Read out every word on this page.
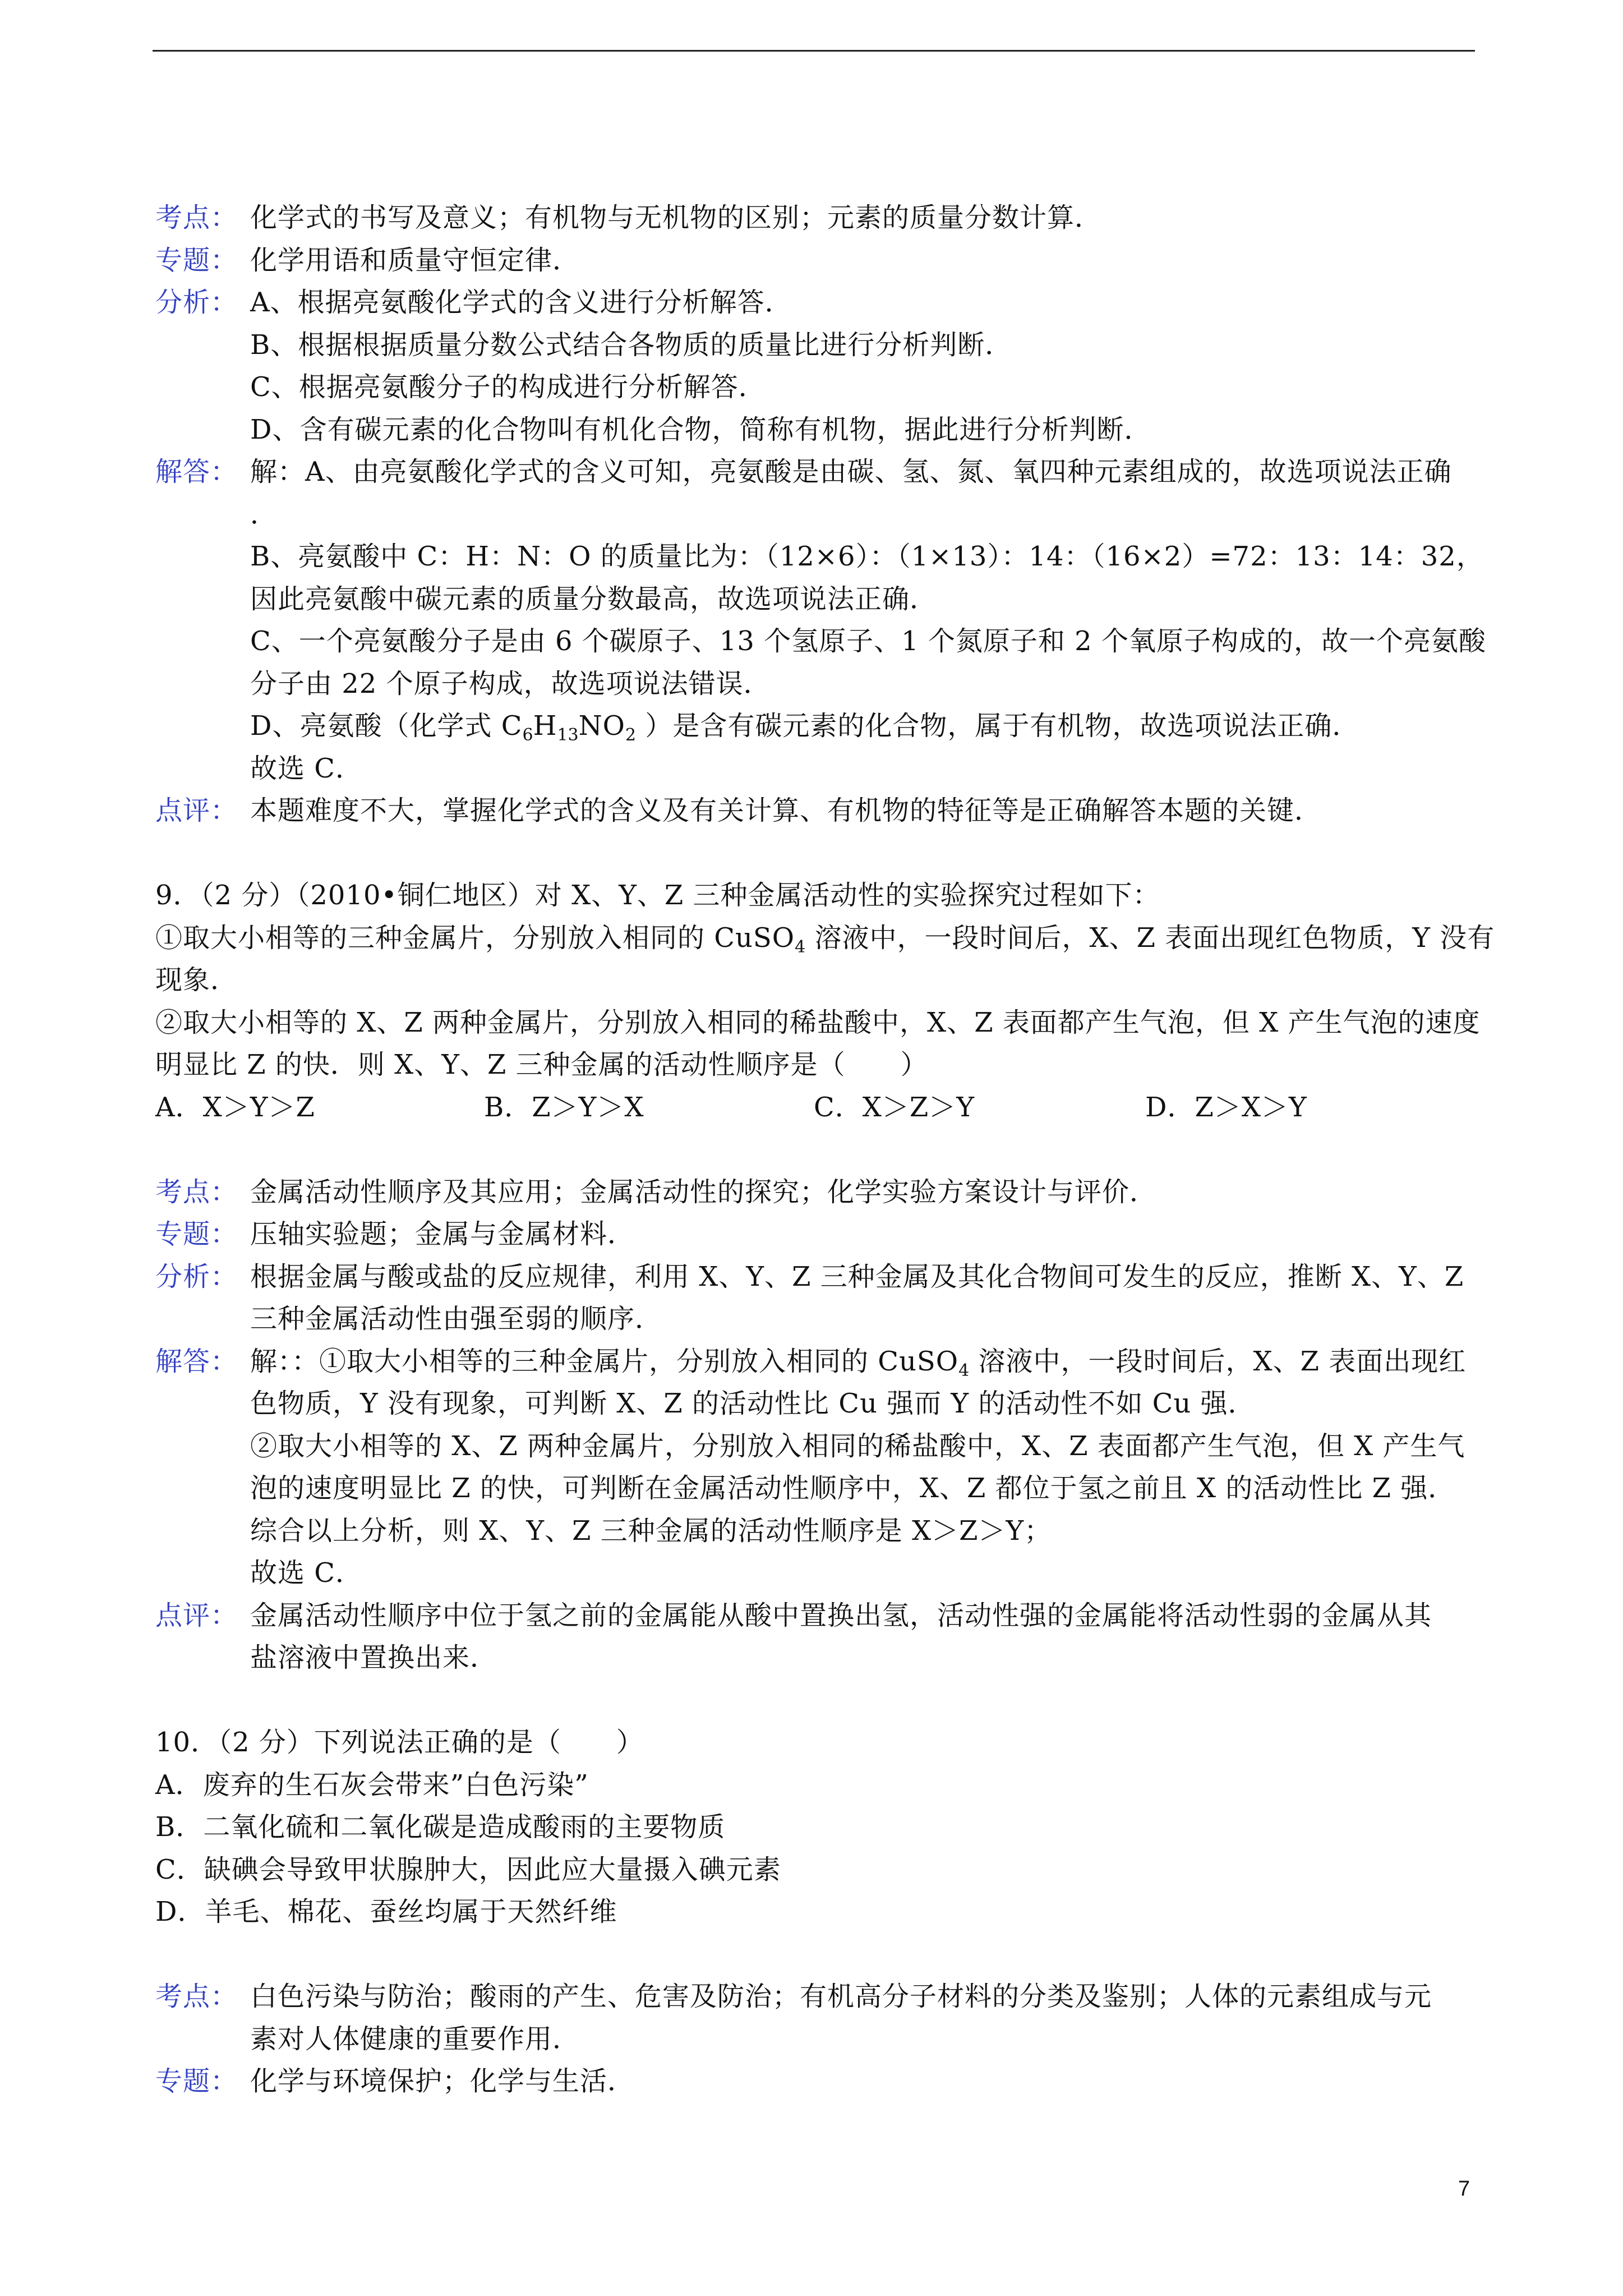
考点： 化学式的书写及意义；有机物与无机物的区别；元素的质量分数计算．
专题： 化学用语和质量守恒定律．
分析： A、根据亮氨酸化学式的含义进行分析解答．
B、根据根据质量分数公式结合各物质的质量比进行分析判断．
C、根据亮氨酸分子的构成进行分析解答．
D、含有碳元素的化合物叫有机化合物，简称有机物，据此进行分析判断．
解答： 解：A、由亮氨酸化学式的含义可知，亮氨酸是由碳、氢、氮、氧四种元素组成的，故选项说法正确
．
B、亮氨酸中 C：H：N：O 的质量比为：（12×6）：（1×13）：14：（16×2）=72：13：14：32，
因此亮氨酸中碳元素的质量分数最高，故选项说法正确．
C、一个亮氨酸分子是由 6 个碳原子、13 个氢原子、1 个氮原子和 2 个氧原子构成的，故一个亮氨酸
分子由 22 个原子构成，故选项说法错误．
D、亮氨酸（化学式 $C_6H_{13}NO_2$ ）是含有碳元素的化合物，属于有机物，故选项说法正确．
故选 C．
点评： 本题难度不大，掌握化学式的含义及有关计算、有机物的特征等是正确解答本题的关键．
9．（2 分）（2010•铜仁地区）对 X、Y、Z 三种金属活动性的实验探究过程如下：
①取大小相等的三种金属片，分别放入相同的 CuSO$_4$ 溶液中，一段时间后，X、Z 表面出现红色物质，Y 没有
现象．
②取大小相等的 X、Z 两种金属片，分别放入相同的稀盐酸中，X、Z 表面都产生气泡，但 X 产生气泡的速度
明显比 Z 的快．则 X、Y、Z 三种金属的活动性顺序是（　　）
A．X＞Y＞Z	B．Z＞Y＞X	C．X＞Z＞Y	D．Z＞X＞Y
考点： 金属活动性顺序及其应用；金属活动性的探究；化学实验方案设计与评价．
专题： 压轴实验题；金属与金属材料．
分析： 根据金属与酸或盐的反应规律，利用 X、Y、Z 三种金属及其化合物间可发生的反应，推断 X、Y、Z
三种金属活动性由强至弱的顺序．
解答： 解：：①取大小相等的三种金属片，分别放入相同的 CuSO$_4$ 溶液中，一段时间后，X、Z 表面出现红
色物质，Y 没有现象，可判断 X、Z 的活动性比 Cu 强而 Y 的活动性不如 Cu 强．
②取大小相等的 X、Z 两种金属片，分别放入相同的稀盐酸中，X、Z 表面都产生气泡，但 X 产生气
泡的速度明显比 Z 的快，可判断在金属活动性顺序中，X、Z 都位于氢之前且 X 的活动性比 Z 强．
综合以上分析，则 X、Y、Z 三种金属的活动性顺序是 X＞Z＞Y；
故选 C．
点评： 金属活动性顺序中位于氢之前的金属能从酸中置换出氢，活动性强的金属能将活动性弱的金属从其
盐溶液中置换出来．
10．（2 分）下列说法正确的是（　　）
A．废弃的生石灰会带来”白色污染”
B．二氧化硫和二氧化碳是造成酸雨的主要物质
C．缺碘会导致甲状腺肿大，因此应大量摄入碘元素
D．羊毛、棉花、蚕丝均属于天然纤维
考点： 白色污染与防治；酸雨的产生、危害及防治；有机高分子材料的分类及鉴别；人体的元素组成与元
素对人体健康的重要作用．
专题： 化学与环境保护；化学与生活．
7
